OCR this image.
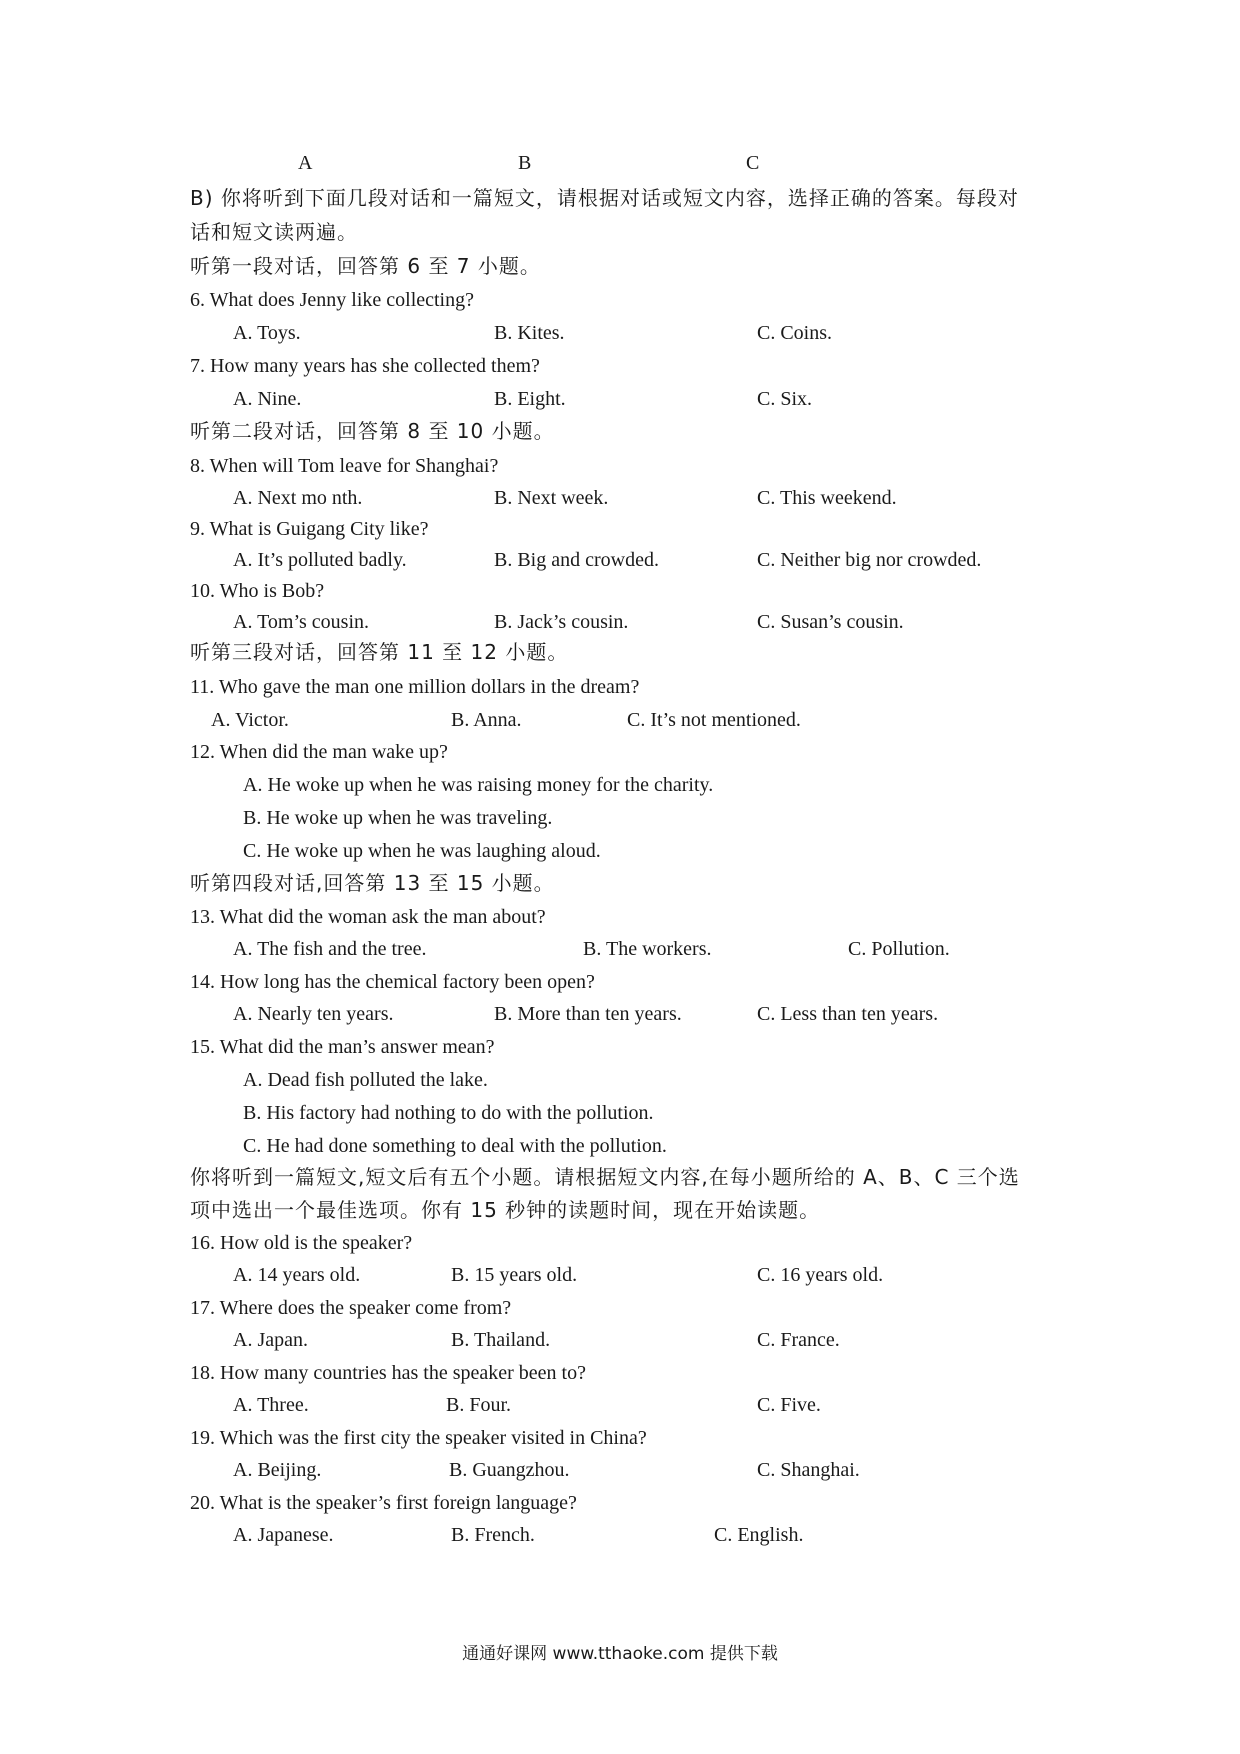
A	B	C
B) 你将听到下面几段对话和一篇短文，请根据对话或短文内容，选择正确的答案。每段对
话和短文读两遍。
听第一段对话，回答第 6 至 7 小题。
6. What does Jenny like collecting?
A. Toys.	B. Kites.	C. Coins.
7. How many years has she collected them?
A. Nine.	B. Eight.	C. Six.
听第二段对话，回答第 8 至 10 小题。
8. When will Tom leave for Shanghai?
A. Next mo nth.	B. Next week.	C. This weekend.
9. What is Guigang City like?
A. It’s polluted badly.	B. Big and crowded.	C. Neither big nor crowded.
10. Who is Bob?
A. Tom’s cousin.	B. Jack’s cousin.	C. Susan’s cousin.
听第三段对话，回答第 11 至 12 小题。
11. Who gave the man one million dollars in the dream?
A. Victor.	B. Anna.	C. It’s not mentioned.
12. When did the man wake up?
A. He woke up when he was raising money for the charity.
B. He woke up when he was traveling.
C. He woke up when he was laughing aloud.
听第四段对话,回答第 13 至 15 小题。
13. What did the woman ask the man about?
A. The fish and the tree.	B. The workers.	C. Pollution.
14. How long has the chemical factory been open?
A. Nearly ten years.	B. More than ten years.	C. Less than ten years.
15. What did the man’s answer mean?
A. Dead fish polluted the lake.
B. His factory had nothing to do with the pollution.
C. He had done something to deal with the pollution.
你将听到一篇短文,短文后有五个小题。请根据短文内容,在每小题所给的 A、B、C 三个选
项中选出一个最佳选项。你有 15 秒钟的读题时间，现在开始读题。
16. How old is the speaker?
A. 14 years old.	B. 15 years old.	C. 16 years old.
17. Where does the speaker come from?
A. Japan.	B. Thailand.	C. France.
18. How many countries has the speaker been to?
A. Three.	B. Four.	C. Five.
19. Which was the first city the speaker visited in China?
A. Beijing.	B. Guangzhou.	C. Shanghai.
20. What is the speaker’s first foreign language?
A. Japanese.	B. French.	C. English.
通通好课网 www.tthaoke.com 提供下载
